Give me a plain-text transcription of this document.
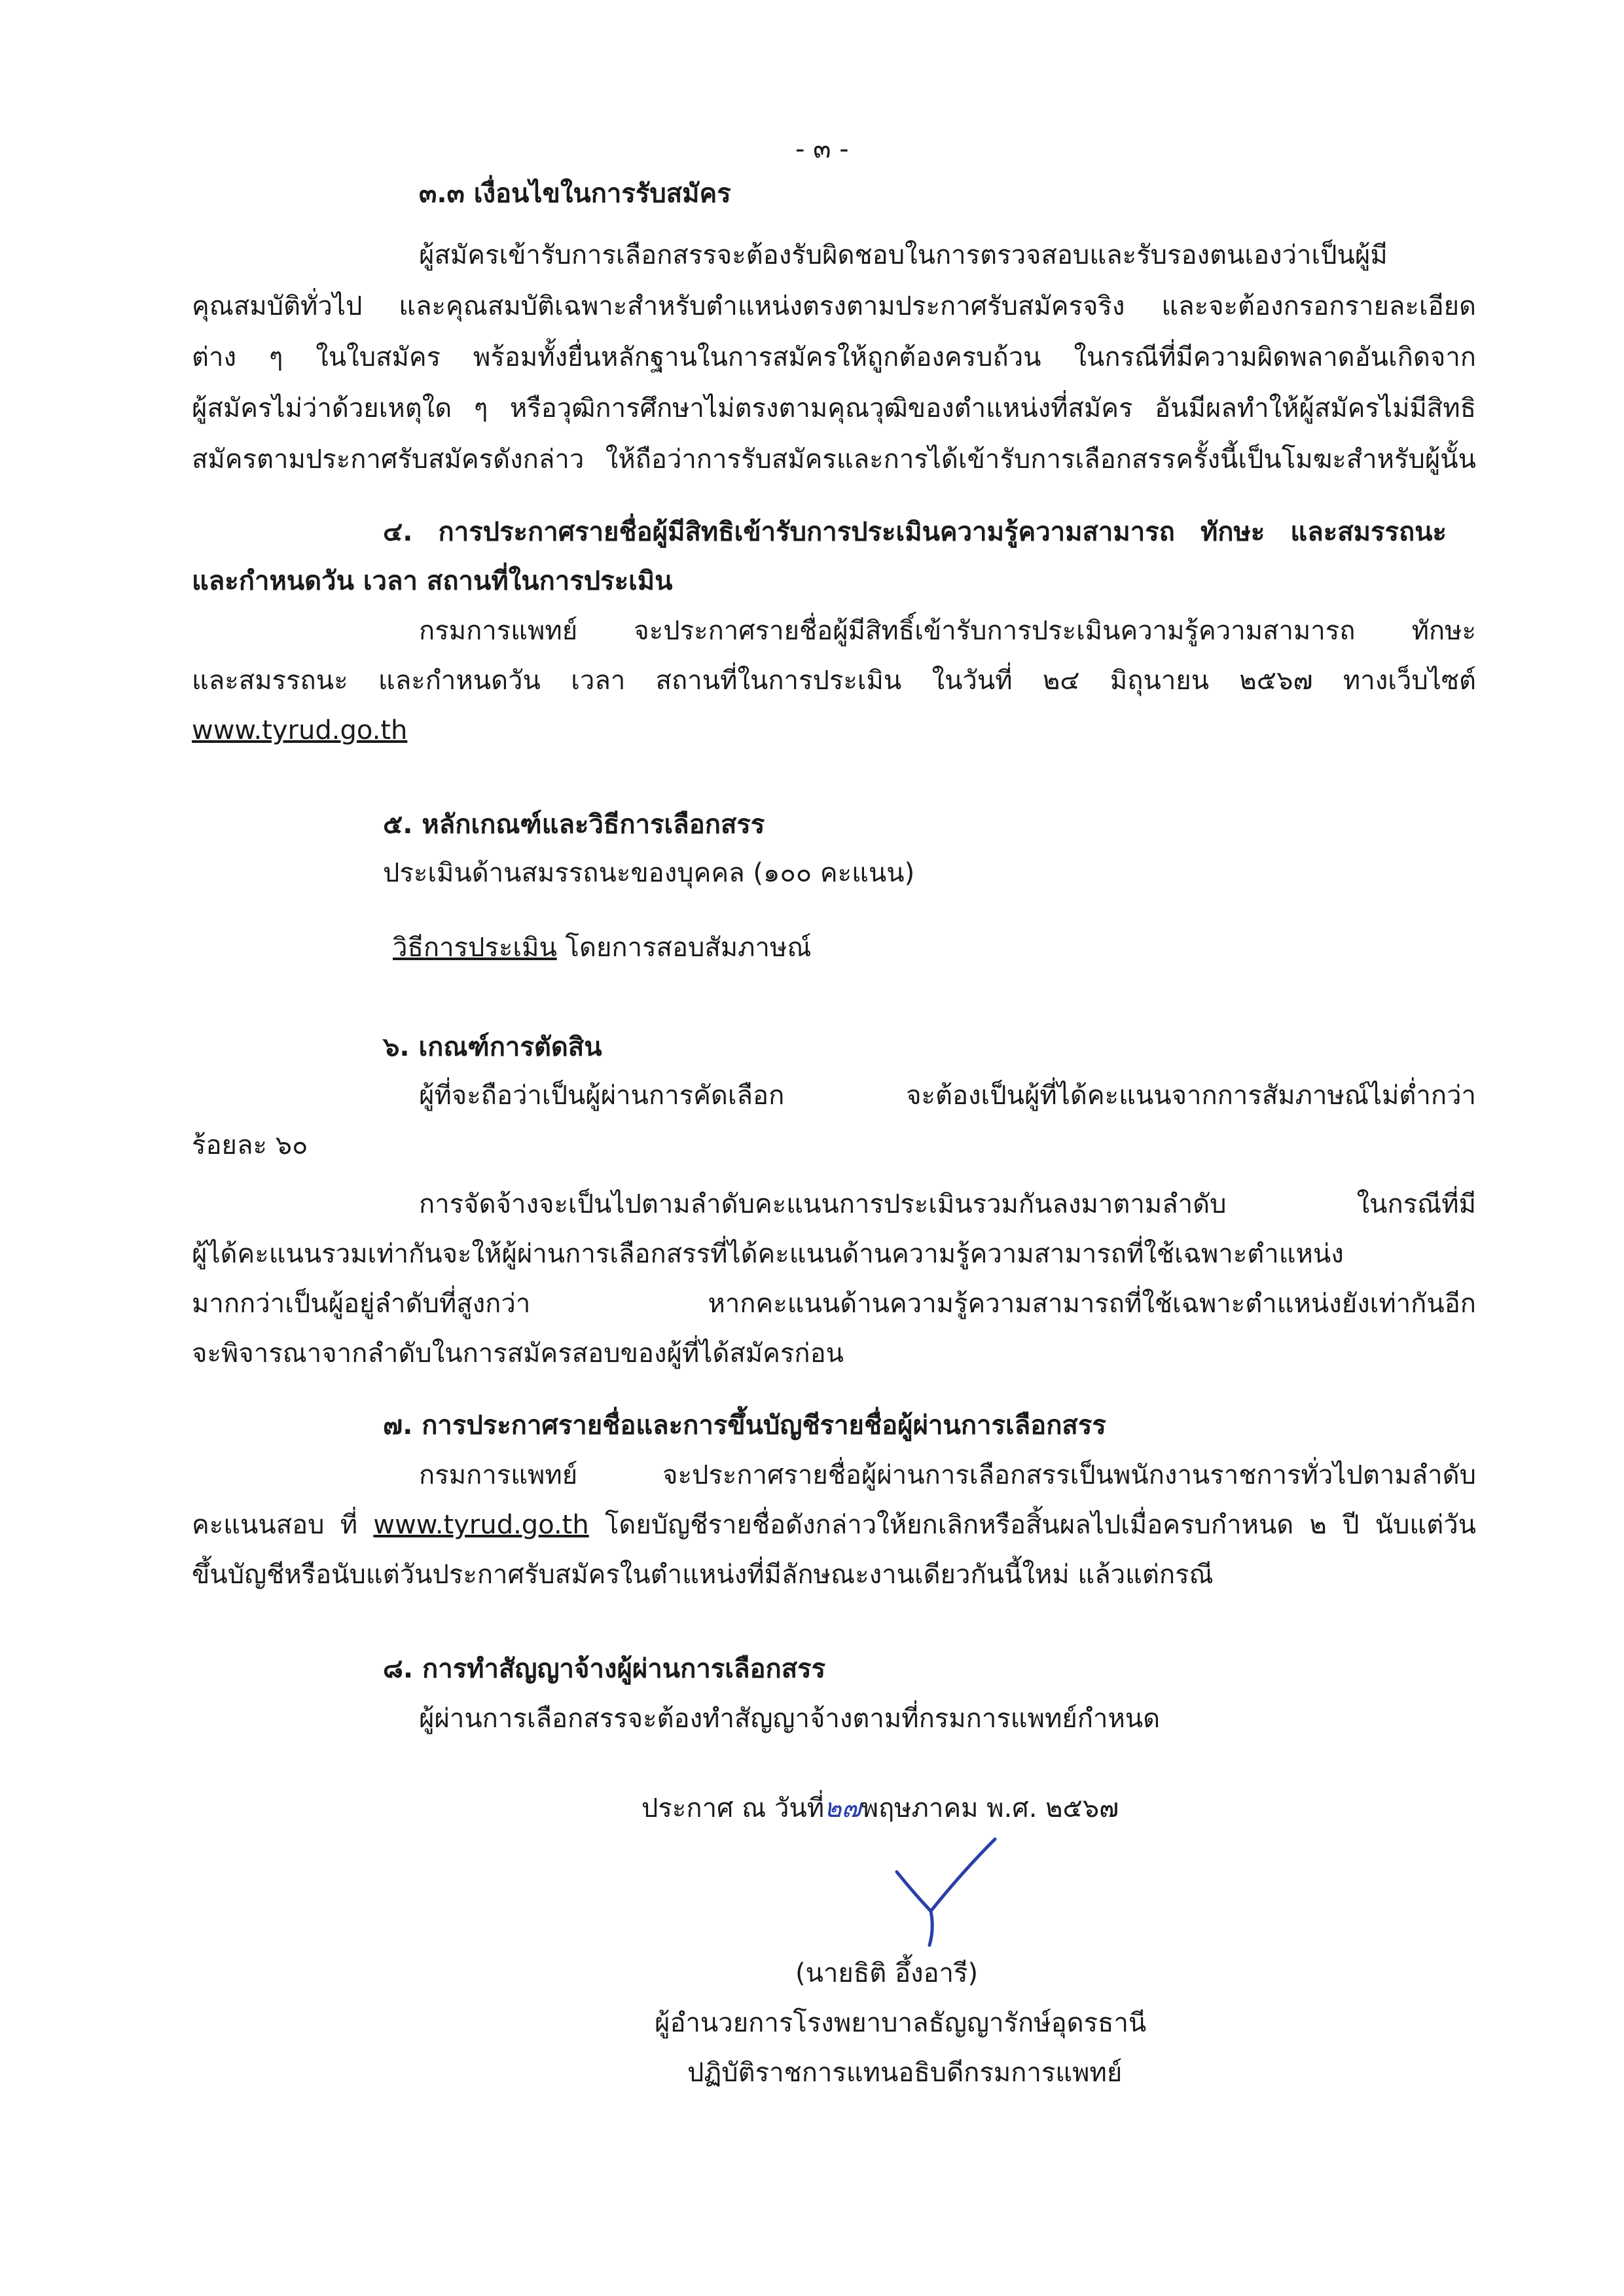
- ๓ -
๓.๓ เงื่อนไขในการรับสมัคร
ผู้สมัครเข้ารับการเลือกสรรจะต้องรับผิดชอบในการตรวจสอบและรับรองตนเองว่าเป็นผู้มี
คุณสมบัติทั่วไป และคุณสมบัติเฉพาะสำหรับตำแหน่งตรงตามประกาศรับสมัครจริง และจะต้องกรอกรายละเอียด
ต่าง ๆ ในใบสมัคร พร้อมทั้งยื่นหลักฐานในการสมัครให้ถูกต้องครบถ้วน ในกรณีที่มีความผิดพลาดอันเกิดจาก
ผู้สมัครไม่ว่าด้วยเหตุใด ๆ หรือวุฒิการศึกษาไม่ตรงตามคุณวุฒิของตำแหน่งที่สมัคร อันมีผลทำให้ผู้สมัครไม่มีสิทธิ
สมัครตามประกาศรับสมัครดังกล่าว ให้ถือว่าการรับสมัครและการได้เข้ารับการเลือกสรรครั้งนี้เป็นโมฆะสำหรับผู้นั้น
๔. การประกาศรายชื่อผู้มีสิทธิเข้ารับการประเมินความรู้ความสามารถ ทักษะ และสมรรถนะ
และกำหนดวัน เวลา สถานที่ในการประเมิน
กรมการแพทย์ จะประกาศรายชื่อผู้มีสิทธิ์เข้ารับการประเมินความรู้ความสามารถ ทักษะ
และสมรรถนะ และกำหนดวัน เวลา สถานที่ในการประเมิน ในวันที่ ๒๔ มิถุนายน ๒๕๖๗ ทางเว็บไซต์
www.tyrud.go.th
๕. หลักเกณฑ์และวิธีการเลือกสรร
ประเมินด้านสมรรถนะของบุคคล (๑๐๐ คะแนน)
วิธีการประเมิน โดยการสอบสัมภาษณ์
๖. เกณฑ์การตัดสิน
ผู้ที่จะถือว่าเป็นผู้ผ่านการคัดเลือก จะต้องเป็นผู้ที่ได้คะแนนจากการสัมภาษณ์ไม่ต่ำกว่า
ร้อยละ ๖๐
การจัดจ้างจะเป็นไปตามลำดับคะแนนการประเมินรวมกันลงมาตามลำดับ ในกรณีที่มี
ผู้ได้คะแนนรวมเท่ากันจะให้ผู้ผ่านการเลือกสรรที่ได้คะแนนด้านความรู้ความสามารถที่ใช้เฉพาะตำแหน่ง
มากกว่าเป็นผู้อยู่ลำดับที่สูงกว่า หากคะแนนด้านความรู้ความสามารถที่ใช้เฉพาะตำแหน่งยังเท่ากันอีก
จะพิจารณาจากลำดับในการสมัครสอบของผู้ที่ได้สมัครก่อน
๗. การประกาศรายชื่อและการขึ้นบัญชีรายชื่อผู้ผ่านการเลือกสรร
กรมการแพทย์ จะประกาศรายชื่อผู้ผ่านการเลือกสรรเป็นพนักงานราชการทั่วไปตามลำดับ
คะแนนสอบ ที่ www.tyrud.go.th โดยบัญชีรายชื่อดังกล่าวให้ยกเลิกหรือสิ้นผลไปเมื่อครบกำหนด ๒ ปี นับแต่วัน
ขึ้นบัญชีหรือนับแต่วันประกาศรับสมัครในตำแหน่งที่มีลักษณะงานเดียวกันนี้ใหม่ แล้วแต่กรณี
๘. การทำสัญญาจ้างผู้ผ่านการเลือกสรร
ผู้ผ่านการเลือกสรรจะต้องทำสัญญาจ้างตามที่กรมการแพทย์กำหนด
ประกาศ ณ วันที่๒๗พฤษภาคม พ.ศ. ๒๕๖๗
(นายธิติ อึ้งอารี)
ผู้อำนวยการโรงพยาบาลธัญญารักษ์อุดรธานี
ปฏิบัติราชการแทนอธิบดีกรมการแพทย์
